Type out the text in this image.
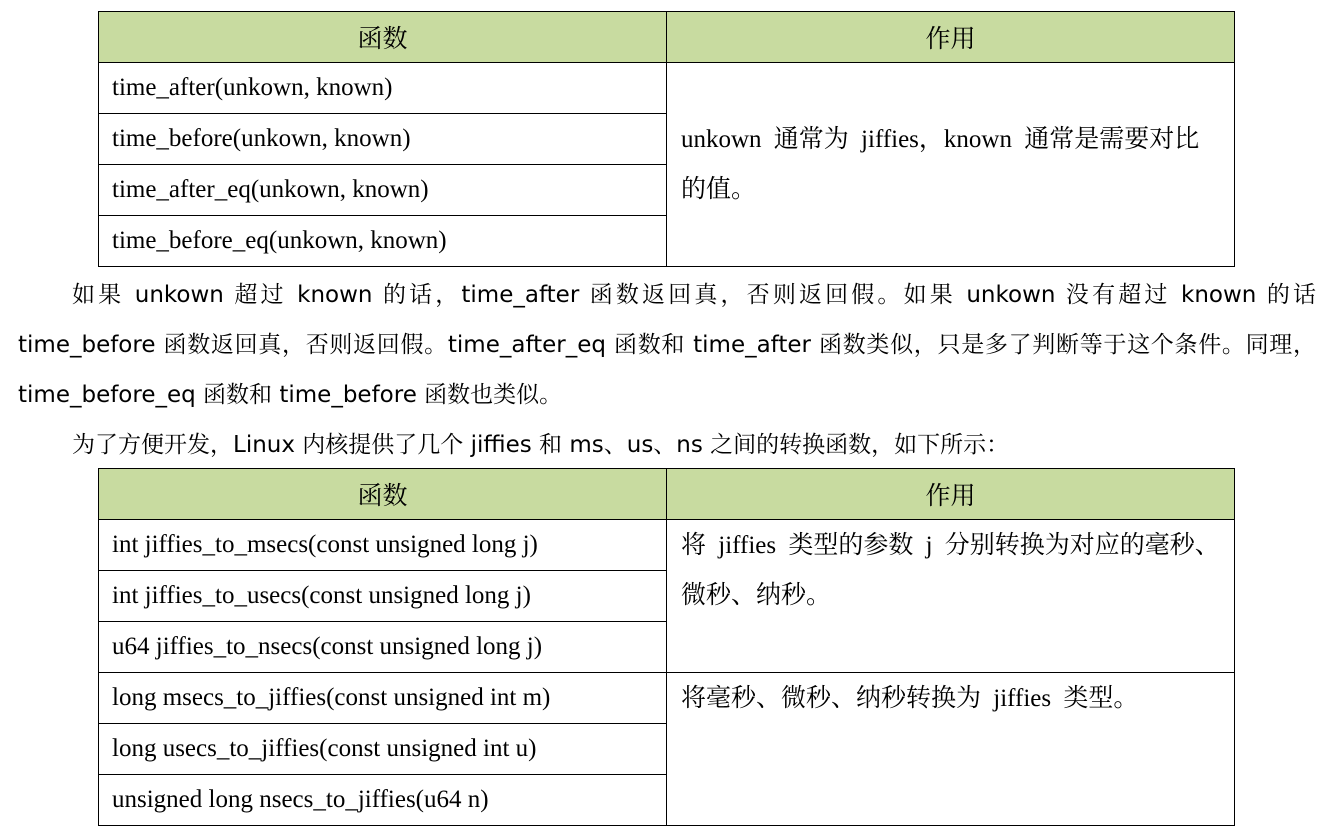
函数	作用
time_after(unkown, known)	unkown 通常为 jiffies，known 通常是需要对比的值。
time_before(unkown, known)	
time_after_eq(unkown, known)	
time_before_eq(unkown, known)	

如果 unkown 超过 known 的话，time_after 函数返回真，否则返回假。如果 unkown 没有超过 known 的话 time_before 函数返回真，否则返回假。time_after_eq 函数和 time_after 函数类似，只是多了判断等于这个条件。同理，time_before_eq 函数和 time_before 函数也类似。

为了方便开发，Linux 内核提供了几个 jiffies 和 ms、us、ns 之间的转换函数，如下所示：

函数	作用
int jiffies_to_msecs(const unsigned long j)	将 jiffies 类型的参数 j 分别转换为对应的毫秒、微秒、纳秒。
int jiffies_to_usecs(const unsigned long j)	
u64 jiffies_to_nsecs(const unsigned long j)	
long msecs_to_jiffies(const unsigned int m)	将毫秒、微秒、纳秒转换为 jiffies 类型。
long usecs_to_jiffies(const unsigned int u)	
unsigned long nsecs_to_jiffies(u64 n)	
